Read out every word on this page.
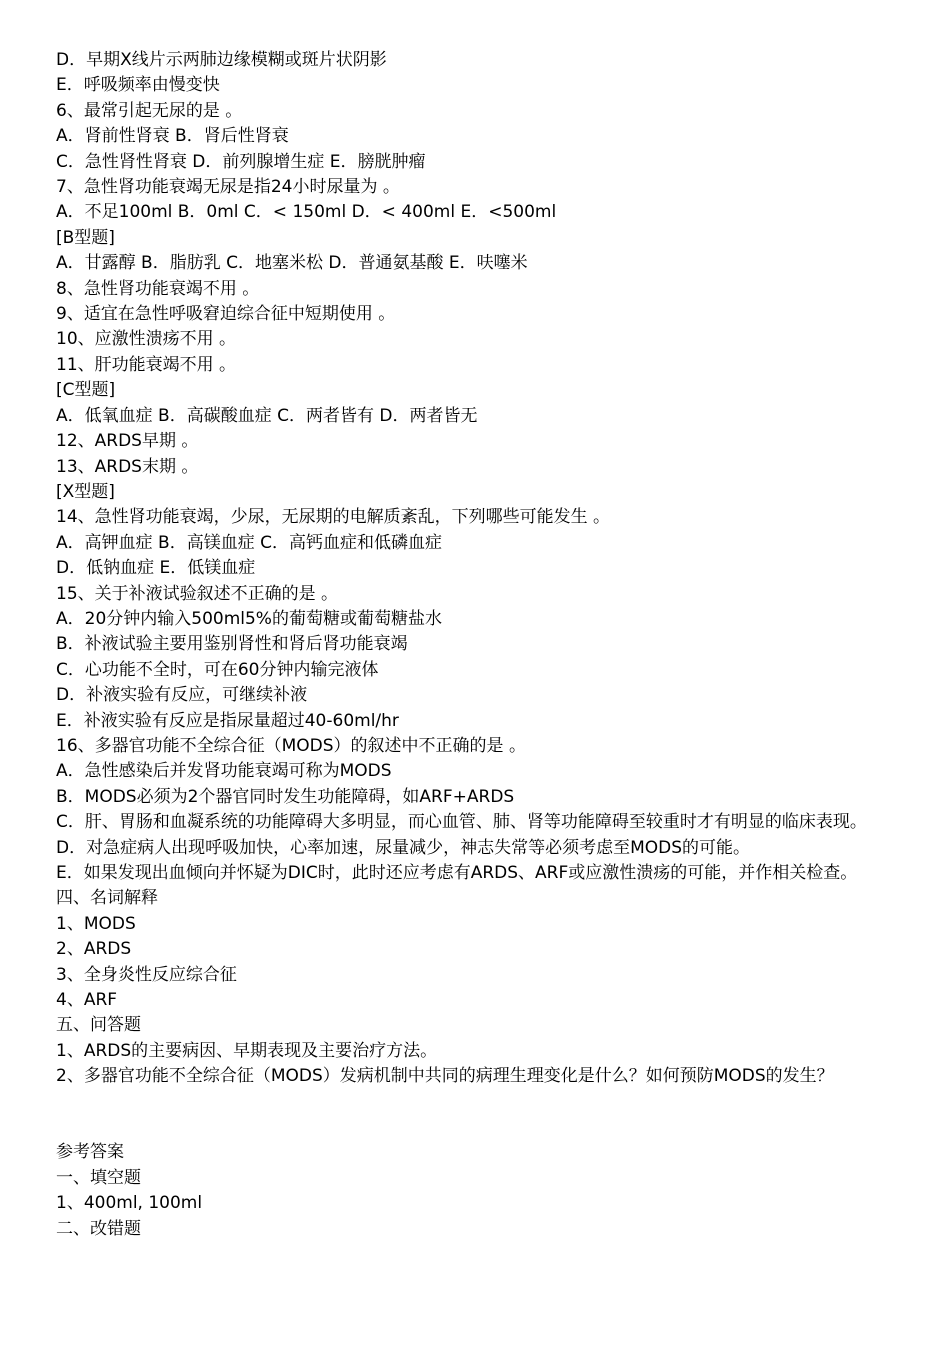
D．早期X线片示两肺边缘模糊或斑片状阴影
E．呼吸频率由慢变快
6、最常引起无尿的是 。
A．肾前性肾衰 B．肾后性肾衰
C．急性肾性肾衰 D．前列腺增生症 E．膀胱肿瘤
7、急性肾功能衰竭无尿是指24小时尿量为 。
A．不足100ml B．0ml C．< 150ml D．< 400ml E．<500ml
[B型题]
A．甘露醇 B．脂肪乳 C．地塞米松 D．普通氨基酸 E．呋噻米
8、急性肾功能衰竭不用 。
9、适宜在急性呼吸窘迫综合征中短期使用 。
10、应激性溃疡不用 。
11、肝功能衰竭不用 。
[C型题]
A．低氧血症 B．高碳酸血症 C．两者皆有 D．两者皆无
12、ARDS早期 。
13、ARDS末期 。
[X型题]
14、急性肾功能衰竭，少尿，无尿期的电解质紊乱，下列哪些可能发生 。
A．高钾血症 B．高镁血症 C．高钙血症和低磷血症
D．低钠血症 E．低镁血症
15、关于补液试验叙述不正确的是 。
A．20分钟内输入500ml5%的葡萄糖或葡萄糖盐水
B．补液试验主要用鉴别肾性和肾后肾功能衰竭
C．心功能不全时，可在60分钟内输完液体
D．补液实验有反应，可继续补液
E．补液实验有反应是指尿量超过40-60ml/hr
16、多器官功能不全综合征（MODS）的叙述中不正确的是 。
A．急性感染后并发肾功能衰竭可称为MODS
B．MODS必须为2个器官同时发生功能障碍，如ARF+ARDS
C．肝、胃肠和血凝系统的功能障碍大多明显，而心血管、肺、肾等功能障碍至较重时才有明显的临床表现。
D．对急症病人出现呼吸加快，心率加速，尿量减少，神志失常等必须考虑至MODS的可能。
E．如果发现出血倾向并怀疑为DIC时，此时还应考虑有ARDS、ARF或应激性溃疡的可能，并作相关检查。
四、名词解释
1、MODS
2、ARDS
3、全身炎性反应综合征
4、ARF
五、问答题
1、ARDS的主要病因、早期表现及主要治疗方法。
2、多器官功能不全综合征（MODS）发病机制中共同的病理生理变化是什么？如何预防MODS的发生？
参考答案
一、填空题
1、400ml, 100ml
二、改错题
